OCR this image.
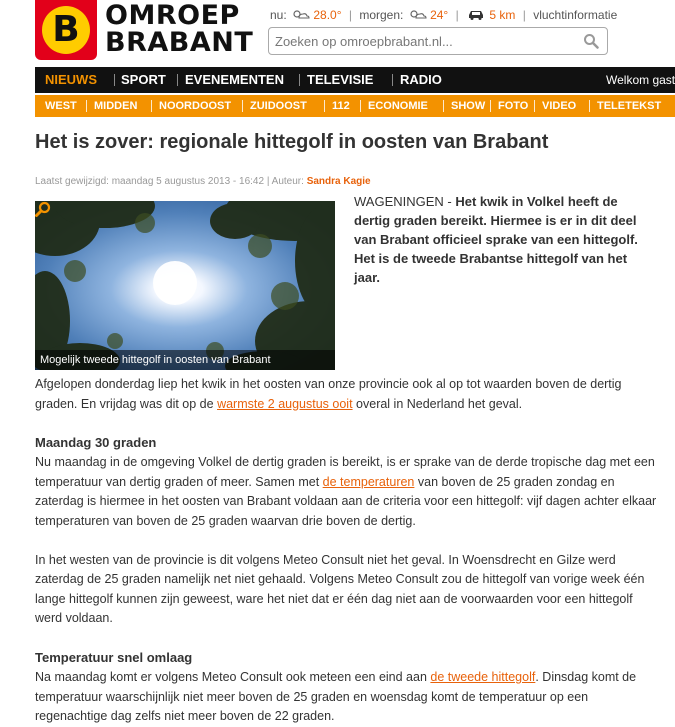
B OMROEP
BRABANT
nu: 28.0° | morgen: 24° |	5 km | vluchtinformatie
Zoeken op omroepbrabant.nl...
NIEUWS SPORT EVENEMENTEN TELEVISIE RADIO	Welkom gast
WEST MIDDEN NOORDOOST ZUIDOOST 112 ECONOMIE SHOW FOTO VIDEO TELETEKST
Het is zover: regionale hittegolf in oosten van Brabant
Laatst gewijzigd: maandag 5 augustus 2013 - 16:42 | Auteur: Sandra Kagie
Mogelijk tweede hittegolf in oosten van Brabant
WAGENINGEN - Het kwik in Volkel heeft de dertig graden bereikt. Hiermee is er in dit deel van Brabant officieel sprake van een hittegolf. Het is de tweede Brabantse hittegolf van het jaar.

Afgelopen donderdag liep het kwik in het oosten van onze provincie ook al op tot waarden boven de dertig graden. En vrijdag was dit op de warmste 2 augustus ooit overal in Nederland het geval.

Maandag 30 graden

Nu maandag in de omgeving Volkel de dertig graden is bereikt, is er sprake van de derde tropische dag met een temperatuur van dertig graden of meer. Samen met de temperaturen van boven de 25 graden zondag en zaterdag is hiermee in het oosten van Brabant voldaan aan de criteria voor een hittegolf: vijf dagen achter elkaar temperaturen van boven de 25 graden waarvan drie boven de dertig.

In het westen van de provincie is dit volgens Meteo Consult niet het geval. In Woensdrecht en Gilze werd zaterdag de 25 graden namelijk net niet gehaald. Volgens Meteo Consult zou de hittegolf van vorige week één lange hittegolf kunnen zijn geweest, ware het niet dat er één dag niet aan de voorwaarden voor een hittegolf werd voldaan.

Temperatuur snel omlaag

Na maandag komt er volgens Meteo Consult ook meteen een eind aan de tweede hittegolf. Dinsdag komt de temperatuur waarschijnlijk niet meer boven de 25 graden en woensdag komt de temperatuur op een regenachtige dag zelfs niet meer boven de 22 graden.
